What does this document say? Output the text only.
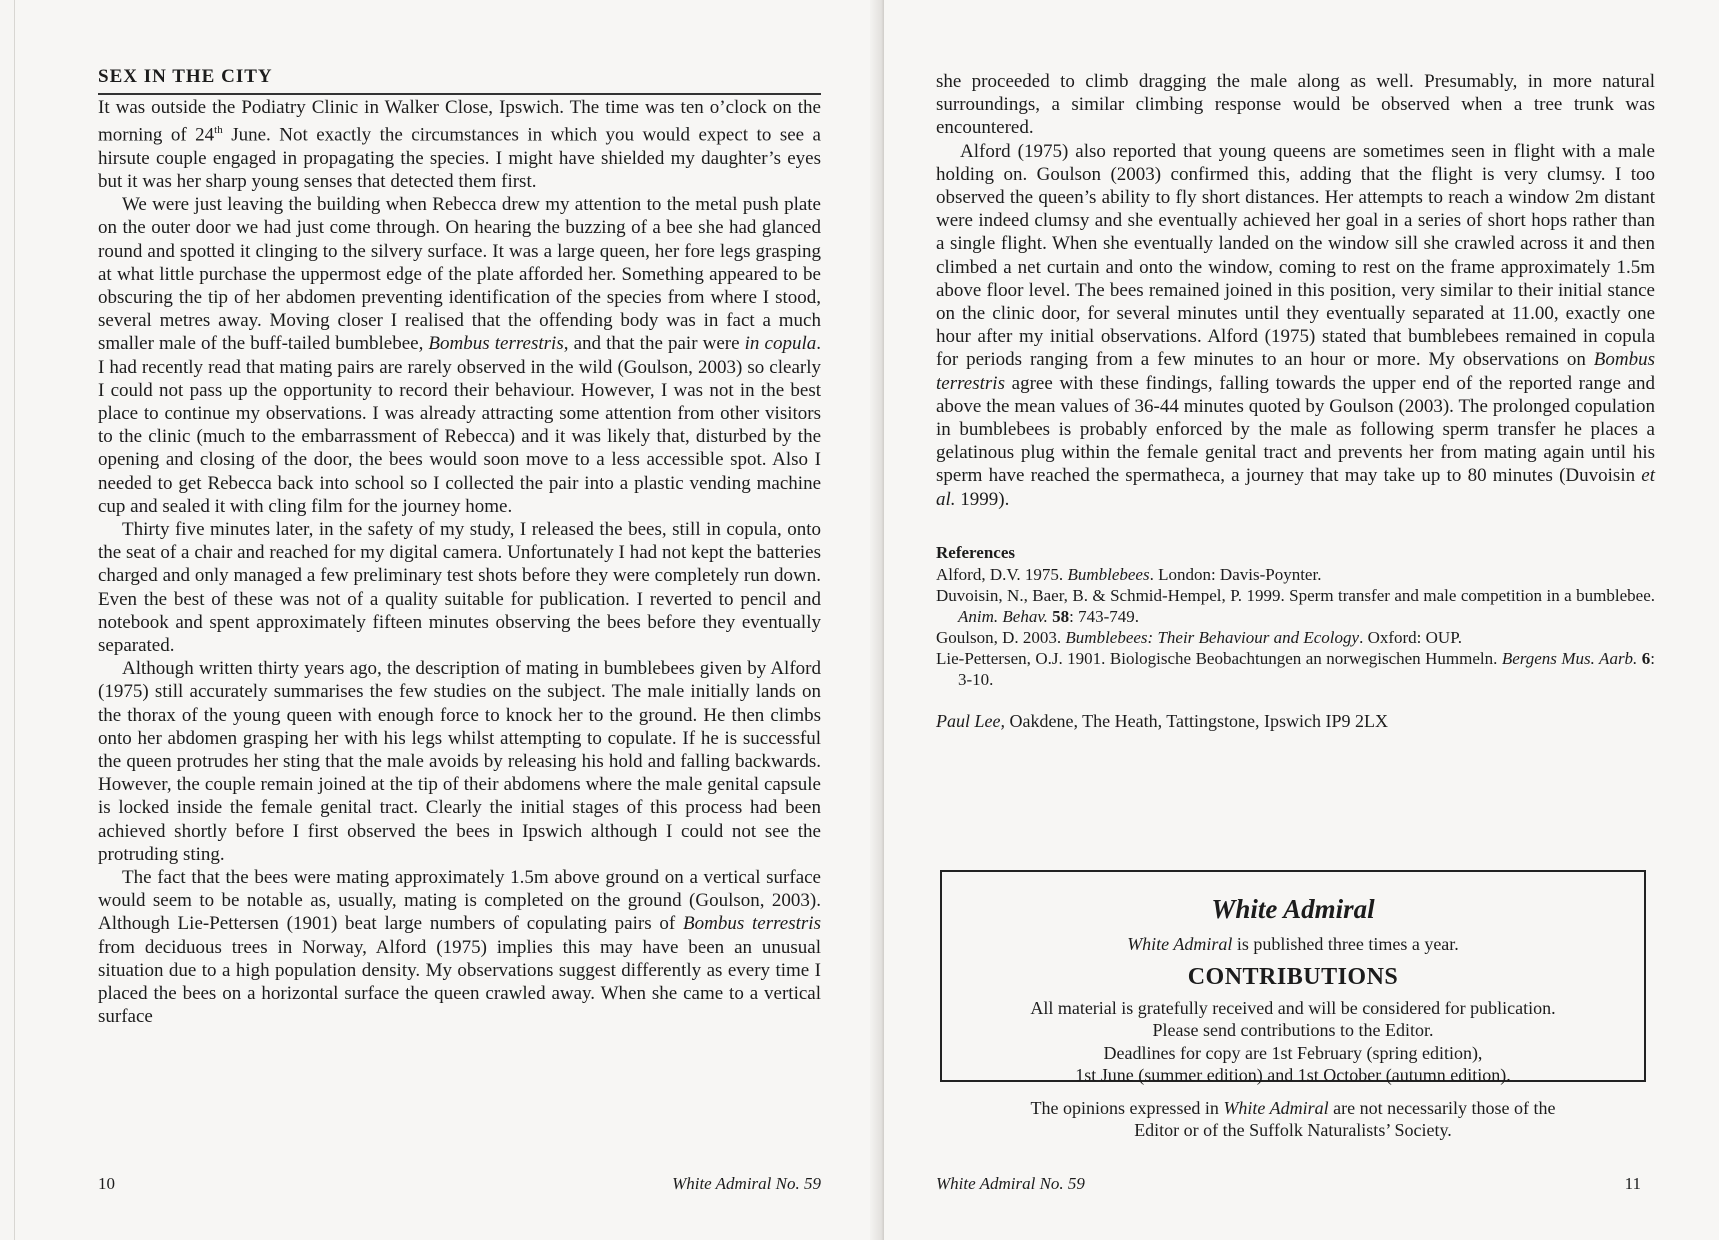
SEX IN THE CITY

It was outside the Podiatry Clinic in Walker Close, Ipswich. The time was ten o’clock on the morning of 24th June. Not exactly the circumstances in which you would expect to see a hirsute couple engaged in propagating the species. I might have shielded my daughter’s eyes but it was her sharp young senses that detected them first.

We were just leaving the building when Rebecca drew my attention to the metal push plate on the outer door we had just come through. On hearing the buzzing of a bee she had glanced round and spotted it clinging to the silvery surface. It was a large queen, her fore legs grasping at what little purchase the uppermost edge of the plate afforded her. Something appeared to be obscuring the tip of her abdomen preventing identification of the species from where I stood, several metres away. Moving closer I realised that the offending body was in fact a much smaller male of the buff-tailed bumblebee, Bombus terrestris, and that the pair were in copula. I had recently read that mating pairs are rarely observed in the wild (Goulson, 2003) so clearly I could not pass up the opportunity to record their behaviour. However, I was not in the best place to continue my observations. I was already attracting some attention from other visitors to the clinic (much to the embarrassment of Rebecca) and it was likely that, disturbed by the opening and closing of the door, the bees would soon move to a less accessible spot. Also I needed to get Rebecca back into school so I collected the pair into a plastic vending machine cup and sealed it with cling film for the journey home.

Thirty five minutes later, in the safety of my study, I released the bees, still in copula, onto the seat of a chair and reached for my digital camera. Unfortunately I had not kept the batteries charged and only managed a few preliminary test shots before they were completely run down. Even the best of these was not of a quality suitable for publication. I reverted to pencil and notebook and spent approximately fifteen minutes observing the bees before they eventually separated.

Although written thirty years ago, the description of mating in bumblebees given by Alford (1975) still accurately summarises the few studies on the subject. The male initially lands on the thorax of the young queen with enough force to knock her to the ground. He then climbs onto her abdomen grasping her with his legs whilst attempting to copulate. If he is successful the queen protrudes her sting that the male avoids by releasing his hold and falling backwards. However, the couple remain joined at the tip of their abdomens where the male genital capsule is locked inside the female genital tract. Clearly the initial stages of this process had been achieved shortly before I first observed the bees in Ipswich although I could not see the protruding sting.

The fact that the bees were mating approximately 1.5m above ground on a vertical surface would seem to be notable as, usually, mating is completed on the ground (Goulson, 2003). Although Lie-Pettersen (1901) beat large numbers of copulating pairs of Bombus terrestris from deciduous trees in Norway, Alford (1975) implies this may have been an unusual situation due to a high population density. My observations suggest differently as every time I placed the bees on a horizontal surface the queen crawled away. When she came to a vertical surface

10	White Admiral No. 59

she proceeded to climb dragging the male along as well. Presumably, in more natural surroundings, a similar climbing response would be observed when a tree trunk was encountered.

Alford (1975) also reported that young queens are sometimes seen in flight with a male holding on. Goulson (2003) confirmed this, adding that the flight is very clumsy. I too observed the queen’s ability to fly short distances. Her attempts to reach a window 2m distant were indeed clumsy and she eventually achieved her goal in a series of short hops rather than a single flight. When she eventually landed on the window sill she crawled across it and then climbed a net curtain and onto the window, coming to rest on the frame approximately 1.5m above floor level. The bees remained joined in this position, very similar to their initial stance on the clinic door, for several minutes until they eventually separated at 11.00, exactly one hour after my initial observations. Alford (1975) stated that bumblebees remained in copula for periods ranging from a few minutes to an hour or more. My observations on Bombus terrestris agree with these findings, falling towards the upper end of the reported range and above the mean values of 36-44 minutes quoted by Goulson (2003). The prolonged copulation in bumblebees is probably enforced by the male as following sperm transfer he places a gelatinous plug within the female genital tract and prevents her from mating again until his sperm have reached the spermatheca, a journey that may take up to 80 minutes (Duvoisin et al. 1999).

References
Alford, D.V. 1975. Bumblebees. London: Davis-Poynter.
Duvoisin, N., Baer, B. & Schmid-Hempel, P. 1999. Sperm transfer and male competition in a bumblebee. Anim. Behav. 58: 743-749.
Goulson, D. 2003. Bumblebees: Their Behaviour and Ecology. Oxford: OUP.
Lie-Pettersen, O.J. 1901. Biologische Beobachtungen an norwegischen Hummeln. Bergens Mus. Aarb. 6: 3-10.
Paul Lee, Oakdene, The Heath, Tattingstone, Ipswich IP9 2LX
White Admiral
White Admiral is published three times a year.
CONTRIBUTIONS
All material is gratefully received and will be considered for publication.
Please send contributions to the Editor.
Deadlines for copy are 1st February (spring edition),
1st June (summer edition) and 1st October (autumn edition).
The opinions expressed in White Admiral are not necessarily those of the
Editor or of the Suffolk Naturalists’ Society.
White Admiral No. 59	11
